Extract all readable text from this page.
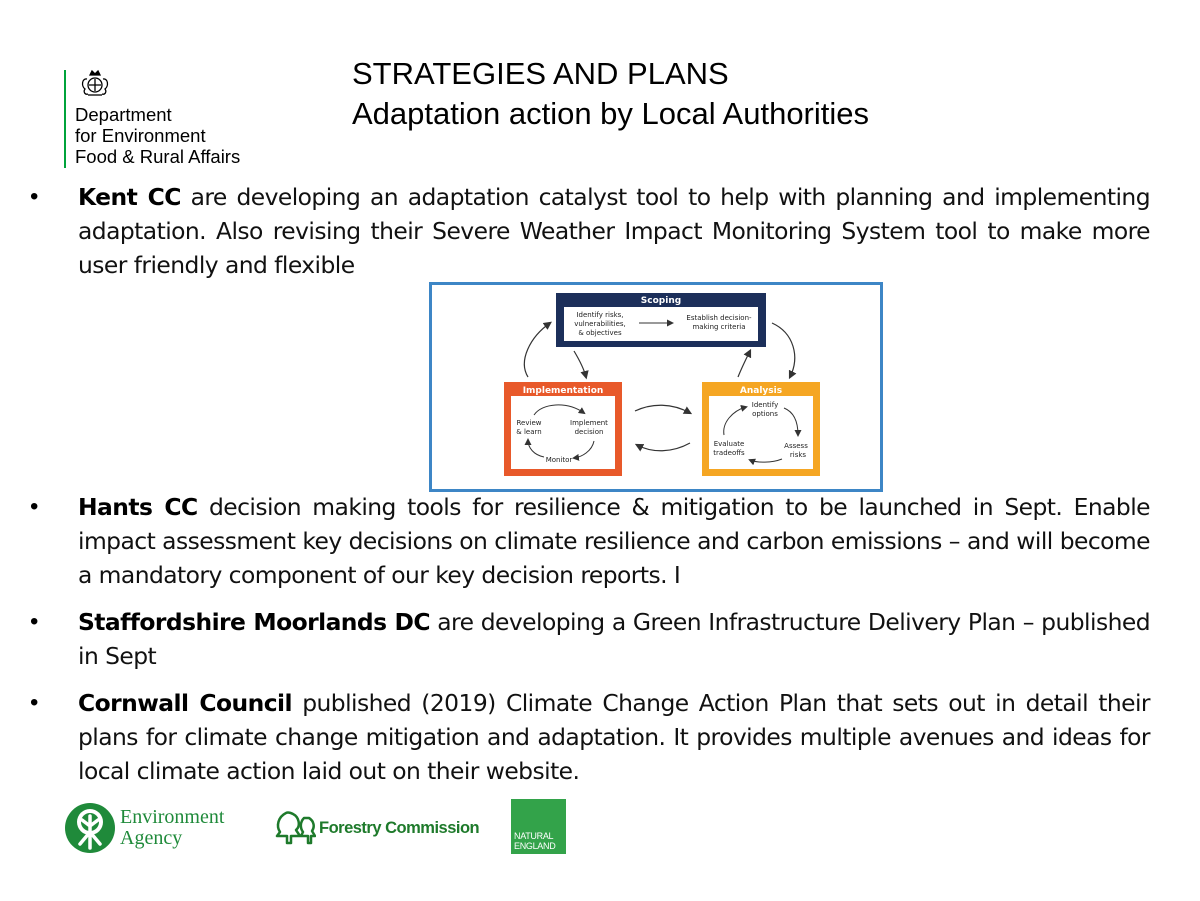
Department
for Environment
Food & Rural Affairs
STRATEGIES AND PLANS
Adaptation action by Local Authorities
•	Kent CC are developing an adaptation catalyst tool to help with planning and implementing adaptation. Also revising their Severe Weather Impact Monitoring System tool to make more user friendly and flexible
Scoping
Identify risks,
vulnerabilities,
& objectives
Establish decision-
making criteria
Implementation
Review
& learn
Implement
decision
Monitor
Analysis
Identify
options
Evaluate
tradeoffs
Assess
risks
•	Hants CC decision making tools for resilience & mitigation to be launched in Sept. Enable impact assessment key decisions on climate resilience and carbon emissions – and will become a mandatory component of our key decision reports. I
•	Staffordshire Moorlands DC are developing a Green Infrastructure Delivery Plan – published in Sept
•	Cornwall Council published (2019) Climate Change Action Plan that sets out in detail their plans for climate change mitigation and adaptation. It provides multiple avenues and ideas for local climate action laid out on their website.
Environment
Agency	Forestry Commission	NATURAL
ENGLAND
